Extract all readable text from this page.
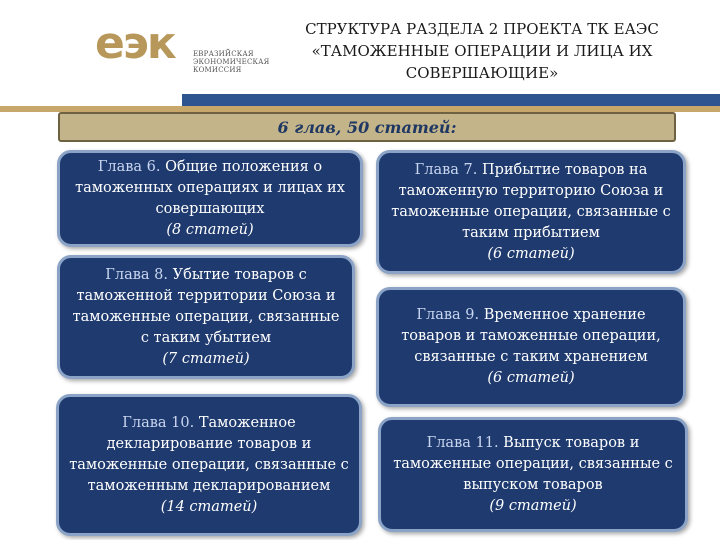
еэк	ЕВРАЗИЙСКАЯ
ЭКОНОМИЧЕСКАЯ
КОМИССИЯ
СТРУКТУРА РАЗДЕЛА 2 ПРОЕКТА ТК ЕАЭС
«ТАМОЖЕННЫЕ ОПЕРАЦИИ И ЛИЦА ИХ
СОВЕРШАЮЩИЕ»
6 глав, 50 статей:
Глава 6. Общие положения о таможенных операциях и лицах их совершающих
(8 статей)
Глава 7. Прибытие товаров на таможенную территорию Союза и таможенные операции, связанные с таким прибытием
(6 статей)
Глава 8. Убытие товаров с таможенной территории Союза и таможенные операции, связанные с таким убытием
(7 статей)
Глава 9. Временное хранение товаров и таможенные операции, связанные с таким хранением
(6 статей)
Глава 10. Таможенное декларирование товаров и таможенные операции, связанные с таможенным декларированием
(14 статей)
Глава 11. Выпуск товаров и таможенные операции, связанные с выпуском товаров
(9 статей)
